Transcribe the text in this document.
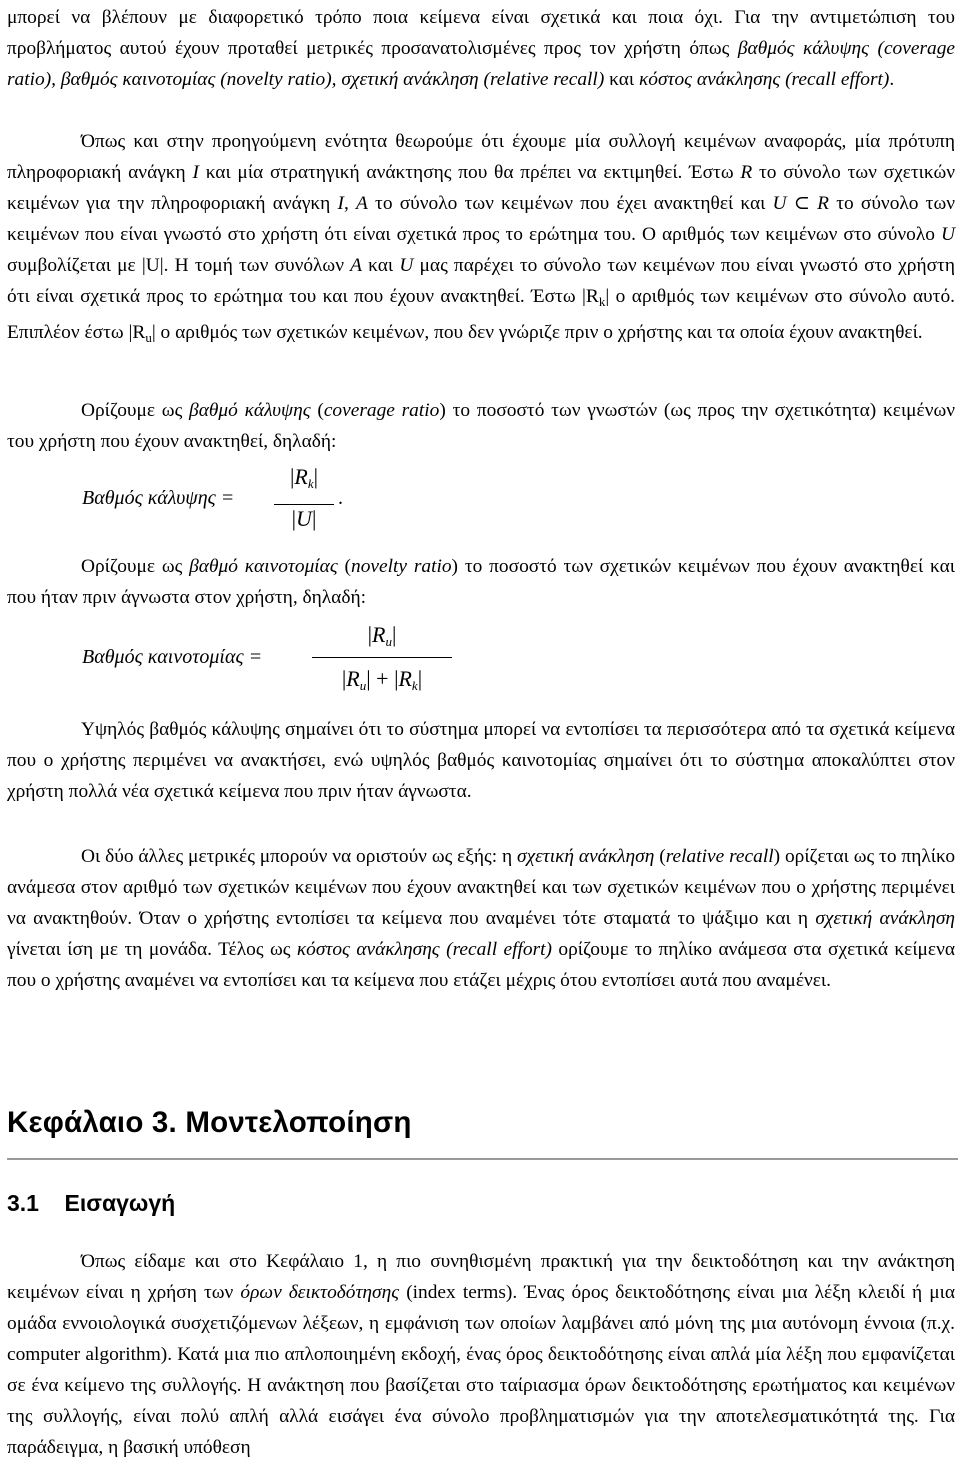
μπορεί να βλέπουν με διαφορετικό τρόπο ποια κείμενα είναι σχετικά και ποια όχι. Για την αντιμετώπιση του προβλήματος αυτού έχουν προταθεί μετρικές προσανατολισμένες προς τον χρήστη όπως βαθμός κάλυψης (coverage ratio), βαθμός καινοτομίας (novelty ratio), σχετική ανάκληση (relative recall) και κόστος ανάκλησης (recall effort).

Όπως και στην προηγούμενη ενότητα θεωρούμε ότι έχουμε μία συλλογή κειμένων αναφοράς, μία πρότυπη πληροφοριακή ανάγκη I και μία στρατηγική ανάκτησης που θα πρέπει να εκτιμηθεί. Έστω R το σύνολο των σχετικών κειμένων για την πληροφοριακή ανάγκη I, A το σύνολο των κειμένων που έχει ανακτηθεί και U ⊂ R το σύνολο των κειμένων που είναι γνωστό στο χρήστη ότι είναι σχετικά προς το ερώτημα του. Ο αριθμός των κειμένων στο σύνολο U συμβολίζεται με |U|. Η τομή των συνόλων A και U μας παρέχει το σύνολο των κειμένων που είναι γνωστό στο χρήστη ότι είναι σχετικά προς το ερώτημα του και που έχουν ανακτηθεί. Έστω $|R_k|$ ο αριθμός των κειμένων στο σύνολο αυτό. Επιπλέον έστω $|R_u|$ ο αριθμός των σχετικών κειμένων, που δεν γνώριζε πριν ο χρήστης και τα οποία έχουν ανακτηθεί.

Ορίζουμε ως βαθμό κάλυψης (coverage ratio) το ποσοστό των γνωστών (ως προς την σχετικότητα) κειμένων του χρήστη που έχουν ανακτηθεί, δηλαδή:

Βαθμός κάλυψης =
| $R_k$ |
| U |
.

Ορίζουμε ως βαθμό καινοτομίας (novelty ratio) το ποσοστό των σχετικών κειμένων που έχουν ανακτηθεί και που ήταν πριν άγνωστα στον χρήστη, δηλαδή:

Βαθμός καινοτομίας =
| $R_u$ |
| $R_u$ | + | $R_k$ |

Υψηλός βαθμός κάλυψης σημαίνει ότι το σύστημα μπορεί να εντοπίσει τα περισσότερα από τα σχετικά κείμενα που ο χρήστης περιμένει να ανακτήσει, ενώ υψηλός βαθμός καινοτομίας σημαίνει ότι το σύστημα αποκαλύπτει στον χρήστη πολλά νέα σχετικά κείμενα που πριν ήταν άγνωστα.

Οι δύο άλλες μετρικές μπορούν να οριστούν ως εξής: η σχετική ανάκληση (relative recall) ορίζεται ως το πηλίκο ανάμεσα στον αριθμό των σχετικών κειμένων που έχουν ανακτηθεί και των σχετικών κειμένων που ο χρήστης περιμένει να ανακτηθούν. Όταν ο χρήστης εντοπίσει τα κείμενα που αναμένει τότε σταματά το ψάξιμο και η σχετική ανάκληση γίνεται ίση με τη μονάδα. Τέλος ως κόστος ανάκλησης (recall effort) ορίζουμε το πηλίκο ανάμεσα στα σχετικά κείμενα που ο χρήστης αναμένει να εντοπίσει και τα κείμενα που ετάζει μέχρις ότου εντοπίσει αυτά που αναμένει.

Κεφάλαιο 3. Μοντελοποίηση
3.1    Εισαγωγή

Όπως είδαμε και στο Κεφάλαιο 1, η πιο συνηθισμένη πρακτική για την δεικτοδότηση και την ανάκτηση κειμένων είναι η χρήση των όρων δεικτοδότησης (index terms). Ένας όρος δεικτοδότησης είναι μια λέξη κλειδί ή μια ομάδα εννοιολογικά συσχετιζόμενων λέξεων, η εμφάνιση των οποίων λαμβάνει από μόνη της μια αυτόνομη έννοια (π.χ. computer algorithm). Κατά μια πιο απλοποιημένη εκδοχή, ένας όρος δεικτοδότησης είναι απλά μία λέξη που εμφανίζεται σε ένα κείμενο της συλλογής. Η ανάκτηση που βασίζεται στο ταίριασμα όρων δεικτοδότησης ερωτήματος και κειμένων της συλλογής, είναι πολύ απλή αλλά εισάγει ένα σύνολο προβληματισμών για την αποτελεσματικότητά της. Για παράδειγμα, η βασική υπόθεση
